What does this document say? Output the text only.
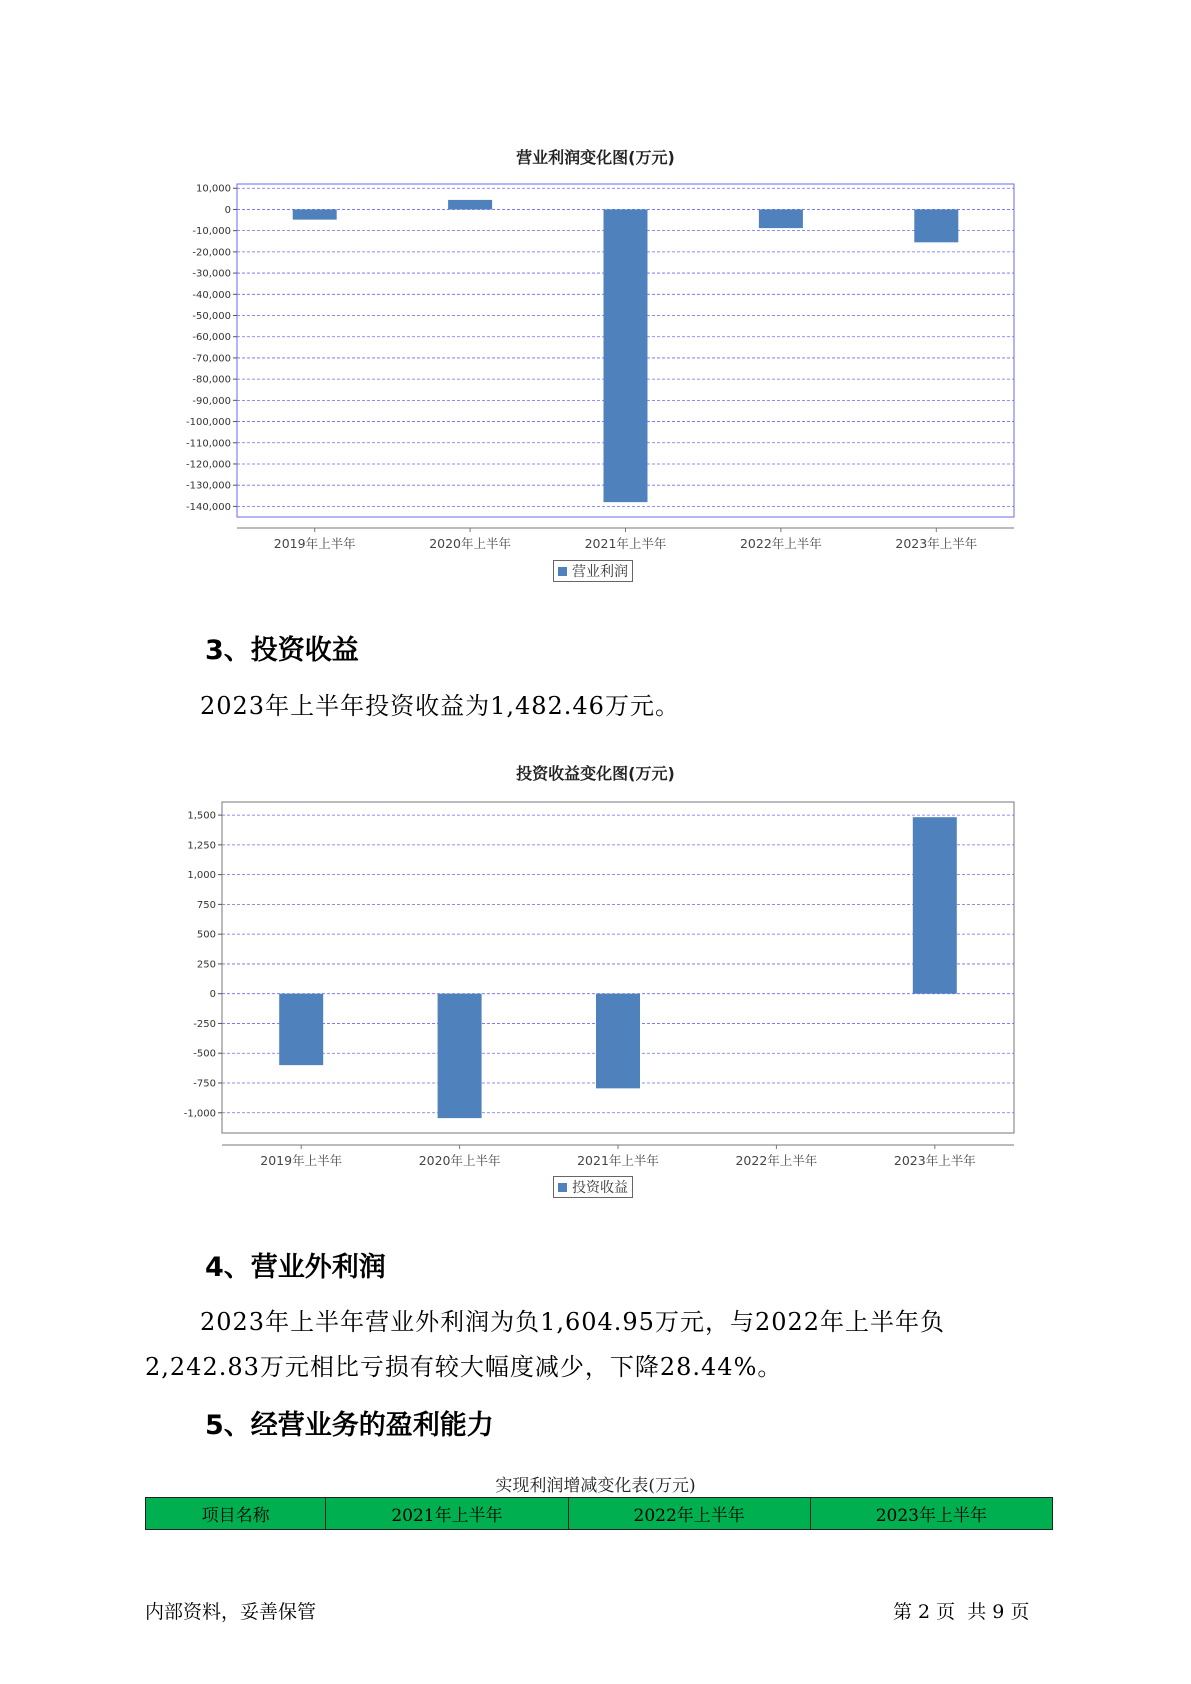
营业利润变化图(万元)
10,000
0
-10,000
-20,000
-30,000
-40,000
-50,000
-60,000
-70,000
-80,000
-90,000
-100,000
-110,000
-120,000
-130,000
-140,000
2019年上半年	2020年上半年	2021年上半年	2022年上半年	2023年上半年
营业利润
3、投资收益
2023年上半年投资收益为1,482.46万元。
投资收益变化图(万元)
1,500
1,250
1,000
750
500
250
0
-250
-500
-750
-1,000
2019年上半年	2020年上半年	2021年上半年	2022年上半年	2023年上半年
投资收益
4、营业外利润
2023年上半年营业外利润为负1,604.95万元，与2022年上半年负
2,242.83万元相比亏损有较大幅度减少，下降28.44%。
5、经营业务的盈利能力
实现利润增减变化表(万元)
项目名称	2021年上半年	2022年上半年	2023年上半年
内部资料，妥善保管	第 2 页  共 9 页
